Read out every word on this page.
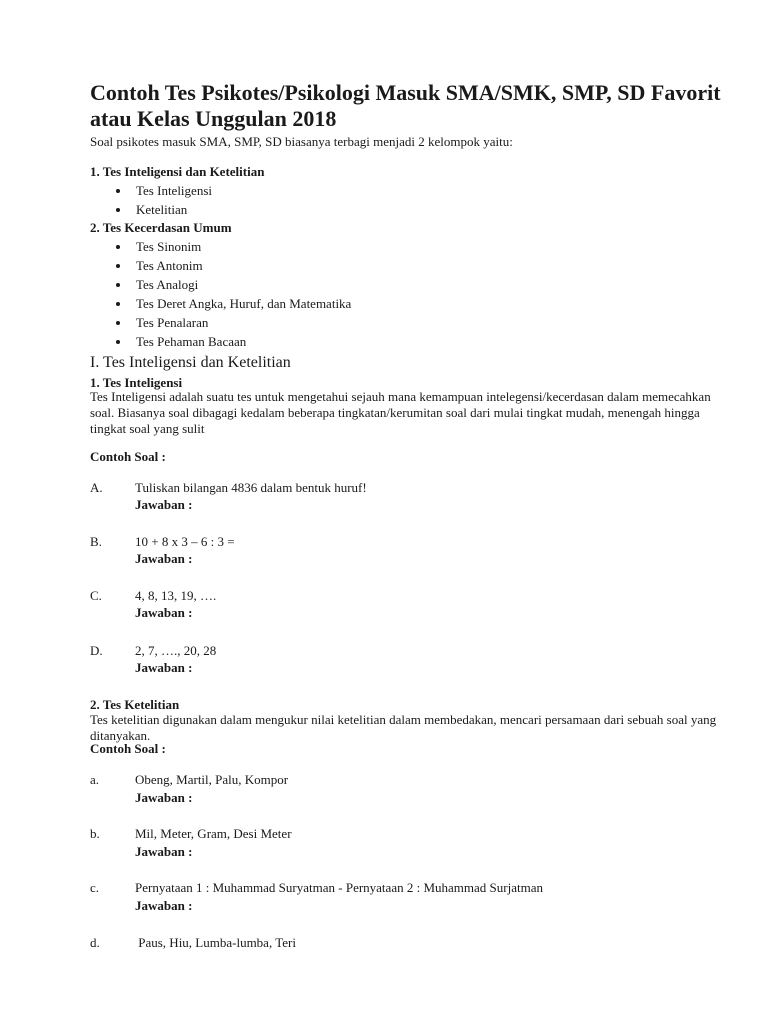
Contoh Tes Psikotes/Psikologi Masuk SMA/SMK, SMP, SD Favorit atau Kelas Unggulan 2018
Soal psikotes masuk SMA, SMP, SD biasanya terbagi menjadi 2 kelompok yaitu:
1. Tes Inteligensi dan Ketelitian
Tes Inteligensi
Ketelitian
2. Tes Kecerdasan Umum
Tes Sinonim
Tes Antonim
Tes Analogi
Tes Deret Angka, Huruf, dan Matematika
Tes Penalaran
Tes Pehaman Bacaan
I. Tes Inteligensi dan Ketelitian
1. Tes Inteligensi
Tes Inteligensi adalah suatu tes untuk mengetahui sejauh mana kemampuan intelegensi/kecerdasan dalam memecahkan soal. Biasanya soal dibagagi kedalam beberapa tingkatan/kerumitan soal dari mulai tingkat mudah, menengah hingga tingkat soal yang sulit
Contoh Soal :
A. Tuliskan bilangan 4836 dalam bentuk huruf!
Jawaban :
B.	10 + 8 x 3 – 6 : 3 =
Jawaban :
C.	4, 8, 13, 19, ….
Jawaban :
D. 2, 7, …., 20, 28
Jawaban :
2. Tes Ketelitian
Tes ketelitian digunakan dalam mengukur nilai ketelitian dalam membedakan, mencari persamaan dari sebuah soal yang ditanyakan.
Contoh Soal :
a.	Obeng, Martil, Palu, Kompor
Jawaban :
b.	Mil, Meter, Gram, Desi Meter
Jawaban :
c.	Pernyataan 1 : Muhammad Suryatman - Pernyataan 2 : Muhammad Surjatman
Jawaban :
d.	Paus, Hiu, Lumba-lumba, Teri
